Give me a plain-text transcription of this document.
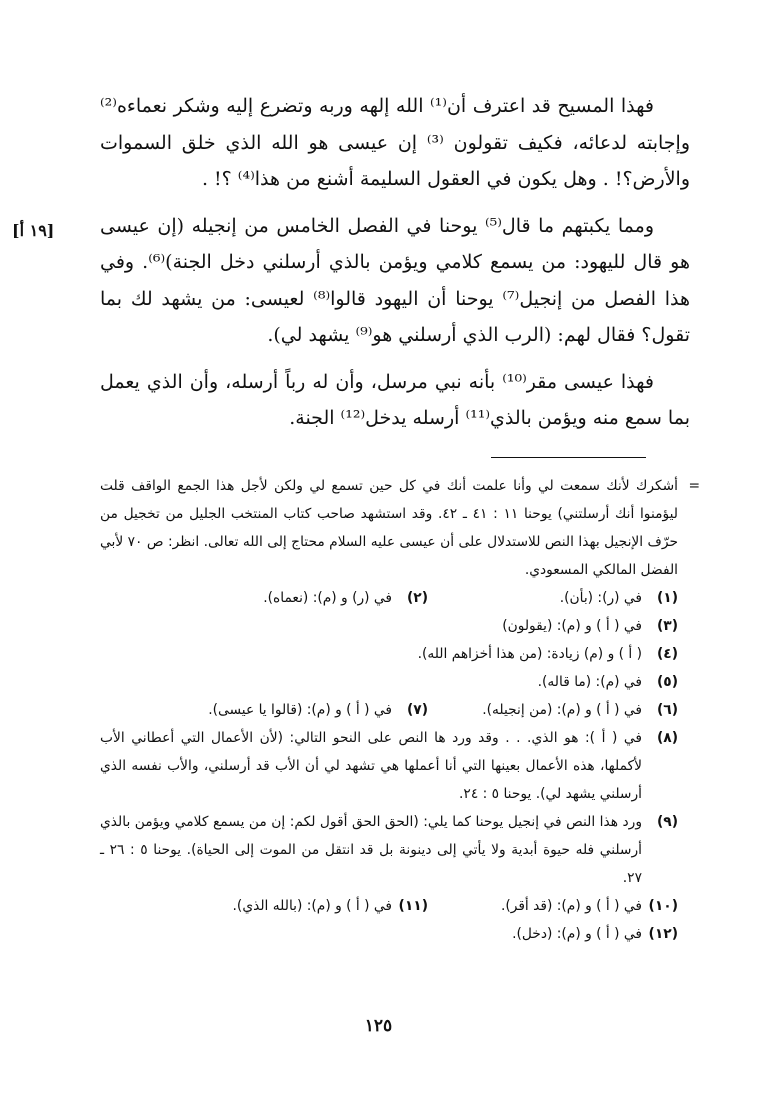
فهذا المسيح قد اعترف أن⁽¹⁾ الله إلهه وربه وتضرع إليه وشكر نعماءه⁽²⁾ وإجابته لدعائه، فكيف تقولون ⁽³⁾ إن عيسى هو الله الذي خلق السموات والأرض؟! . وهل يكون في العقول السليمة أشنع من هذا⁽⁴⁾ ؟! .

ومما يكبتهم ما قال⁽⁵⁾ يوحنا في الفصل الخامس من إنجيله (إن عيسى هو قال لليهود: من يسمع كلامي ويؤمن بالذي أرسلني دخل الجنة)⁽⁶⁾. وفي هذا الفصل من إنجيل⁽⁷⁾ يوحنا أن اليهود قالوا⁽⁸⁾ لعيسى: من يشهد لك بما تقول؟ فقال لهم: (الرب الذي أرسلني هو⁽⁹⁾ يشهد لي).

فهذا عيسى مقر⁽¹⁰⁾ بأنه نبي مرسل، وأن له رباً أرسله، وأن الذي يعمل بما سمع منه ويؤمن بالذي⁽¹¹⁾ أرسله يدخل⁽¹²⁾ الجنة.

[١٩ أ]
=
أشكرك لأنك سمعت لي وأنا علمت أنك في كل حين تسمع لي ولكن لأجل هذا الجمع الواقف قلت ليؤمنوا أنك أرسلتني) يوحنا ١١ : ٤١ ـ ٤٢. وقد استشهد صاحب كتاب المنتخب الجليل من تخجيل من حرّف الإنجيل بهذا النص للاستدلال على أن عيسى عليه السلام محتاج إلى الله تعالى. انظر: ص ٧٠ لأبي الفضل المالكي المسعودي.
(١)
في (ر): (بأن).
(٢)
في (ر) و (م): (نعماه).
(٣)
في ( أ ) و (م): (يقولون)
(٤)
( أ ) و (م) زيادة: (من هذا أخزاهم الله).
(٥)
في (م): (ما قاله).
(٦)
في ( أ ) و (م): (من إنجيله).
(٧)
في ( أ ) و (م): (قالوا يا عيسى).
(٨)
في ( أ ): هو الذي. . . وقد ورد ها النص على النحو التالي: (لأن الأعمال التي أعطاني الأب لأكملها، هذه الأعمال بعينها التي أنا أعملها هي تشهد لي أن الأب قد أرسلني، والأب نفسه الذي أرسلني يشهد لي). يوحنا ٥ : ٢٤.
(٩)
ورد هذا النص في إنجيل يوحنا كما يلي: (الحق الحق أقول لكم: إن من يسمع كلامي ويؤمن بالذي أرسلني فله حيوة أبدية ولا يأتي إلى دينونة بل قد انتقل من الموت إلى الحياة). يوحنا ٥ : ٢٦ ـ ٢٧.
(١٠)
في ( أ ) و (م): (قد أقر).
(١١)
في ( أ ) و (م): (بالله الذي).
(١٢)
في ( أ ) و (م): (دخل).
١٢٥
